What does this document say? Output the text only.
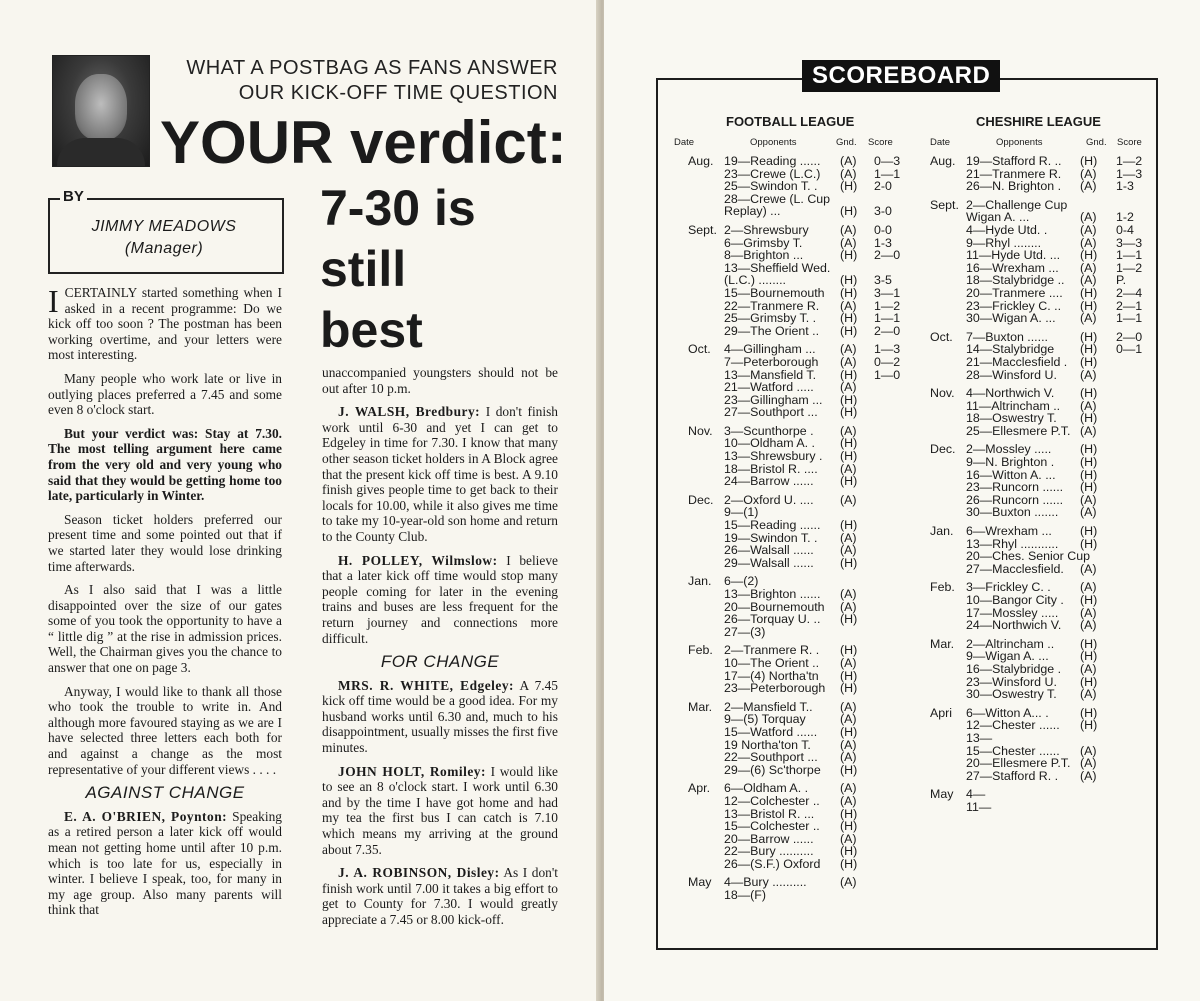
WHAT A POSTBAG AS FANS ANSWER
OUR KICK-OFF TIME QUESTION
YOUR verdict:
7-30 is
still
best
BY
JIMMY MEADOWS
(Manager)

ICERTAINLY started something when I asked in a recent programme: Do we kick off too soon ? The postman has been working overtime, and your letters were most interesting.

Many people who work late or live in outlying places preferred a 7.45 and some even 8 o'clock start.

But your verdict was: Stay at 7.30. The most telling argument here came from the very old and very young who said that they would be getting home too late, particularly in Winter.

Season ticket holders preferred our present time and some pointed out that if we started later they would lose drinking time afterwards.

As I also said that I was a little disappointed over the size of our gates some of you took the opportunity to have a “ little dig ” at the rise in admission prices. Well, the Chairman gives you the chance to answer that one on page 3.

Anyway, I would like to thank all those who took the trouble to write in. And although more favoured staying as we are I have selected three letters each both for and against a change as the most representative of your different views . . . .

AGAINST CHANGE

E. A. O'BRIEN, Poynton: Speaking as a retired person a later kick off would mean not getting home until after 10 p.m. which is too late for us, especially in winter. I believe I speak, too, for many in my age group. Also many parents will think that

unaccompanied youngsters should not be out after 10 p.m.

J. WALSH, Bredbury: I don't finish work until 6-30 and yet I can get to Edgeley in time for 7.30. I know that many other season ticket holders in A Block agree that the present kick off time is best. A 9.10 finish gives people time to get back to their locals for 10.00, while it also gives me time to take my 10-year-old son home and return to the County Club.

H. POLLEY, Wilmslow: I believe that a later kick off time would stop many people coming for later in the evening trains and buses are less frequent for the return journey and connections more difficult.

FOR CHANGE

MRS. R. WHITE, Edgeley: A 7.45 kick off time would be a good idea. For my husband works until 6.30 and, much to his disappointment, usually misses the first five minutes.

JOHN HOLT, Romiley: I would like to see an 8 o'clock start. I work until 6.30 and by the time I have got home and had my tea the first bus I can catch is 7.10 which means my arriving at the ground about 7.35.

J. A. ROBINSON, Disley: As I don't finish work until 7.00 it takes a big effort to get to County for 7.30. I would greatly appreciate a 7.45 or 8.00 kick-off.

SCOREBOARD
FOOTBALL LEAGUE	CHESHIRE LEAGUE
Date	Opponents	Gnd. Score	Date	Opponents	Gnd. Score
Aug. 19—Reading ...... (A) 0—3
23—Crewe (L.C.) (A) 1—1
25—Swindon T. . (H) 2-0
28—Crewe (L. Cup
Replay) ...	(H) 3-0
Sept. 2—Shrewsbury	(A) 0-0
6—Grimsby T.	(A) 1-3
8—Brighton ...	(H) 2—0
13—Sheffield Wed.
(L.C.) ........	(H) 3-5
15—Bournemouth (H) 3—1
22—Tranmere R. (A) 1—2
25—Grimsby T. . (H) 1—1
29—The Orient .. (H) 2—0
Oct. 4—Gillingham ... (A) 1—3
7—Peterborough (A) 0—2
13—Mansfield T. (H) 1—0
21—Watford ..... (A)
23—Gillingham ... (H)
27—Southport ... (H)
Nov. 3—Scunthorpe . (A)
10—Oldham A. . (H)
13—Shrewsbury . (H)
18—Bristol R. .... (A)
24—Barrow ...... (H)
Dec. 2—Oxford U. .... (A)
9—(1)
15—Reading ...... (H)
19—Swindon T. . (A)
26—Walsall ...... (A)
29—Walsall ...... (H)
Jan. 6—(2)
13—Brighton ...... (A)
20—Bournemouth (A)
26—Torquay U. .. (H)
27—(3)
Feb. 2—Tranmere R. . (H)
10—The Orient .. (A)
17—(4) Northa'tn (H)
23—Peterborough (H)
Mar. 2—Mansfield T.. (A)
9—(5) Torquay	(A)
15—Watford ...... (H)
19 Northa'ton T. (A)
22—Southport ... (A)
29—(6) Sc'thorpe (H)
Apr. 6—Oldham A. .	(A)
12—Colchester .. (A)
13—Bristol R. ... (H)
15—Colchester .. (H)
20—Barrow ...... (A)
22—Bury .......... (H)
26—(S.F.) Oxford (H)
May 4—Bury ..........	(A)
18—(F)
Aug. 19—Stafford R. .. (H) 1—2
21—Tranmere R. (A) 1—3
26—N. Brighton . (A) 1-3
Sept. 2—Challenge Cup
Wigan A. ...	(A) 1-2
4—Hyde Utd. .	(A) 0-4
9—Rhyl ........	(A) 3—3
11—Hyde Utd. ... (H) 1—1
16—Wrexham ... (A) 1—2
18—Stalybridge .. (A) P.
20—Tranmere .... (H) 2—4
23—Frickley C. .. (H) 2—1
30—Wigan A. ... (A) 1—1
Oct. 7—Buxton ......	(H) 2—0
14—Stalybridge (H) 0—1
21—Macclesfield . (H)
28—Winsford U. (A)
Nov. 4—Northwich V. (H)
11—Altrincham .. (A)
18—Oswestry T. (H)
25—Ellesmere P.T. (A)
Dec. 2—Mossley ..... (H)
9—N. Brighton . (H)
16—Witton A. ... (H)
23—Runcorn ...... (H)
26—Runcorn ...... (A)
30—Buxton ....... (A)
Jan. 6—Wrexham ... (H)
13—Rhyl ........... (H)
20—Ches. Senior Cup
27—Macclesfield. (A)
Feb. 3—Frickley C. . (A)
10—Bangor City . (H)
17—Mossley ..... (A)
24—Northwich V. (A)
Mar. 2—Altrincham .. (H)
9—Wigan A. ...	(H)
16—Stalybridge . (A)
23—Winsford U. (H)
30—Oswestry T. (A)
Apri 6—Witton A... .	(H)
12—Chester ...... (H)
13—
15—Chester ...... (A)
20—Ellesmere P.T. (A)
27—Stafford R. . (A)
May 4—
11—
